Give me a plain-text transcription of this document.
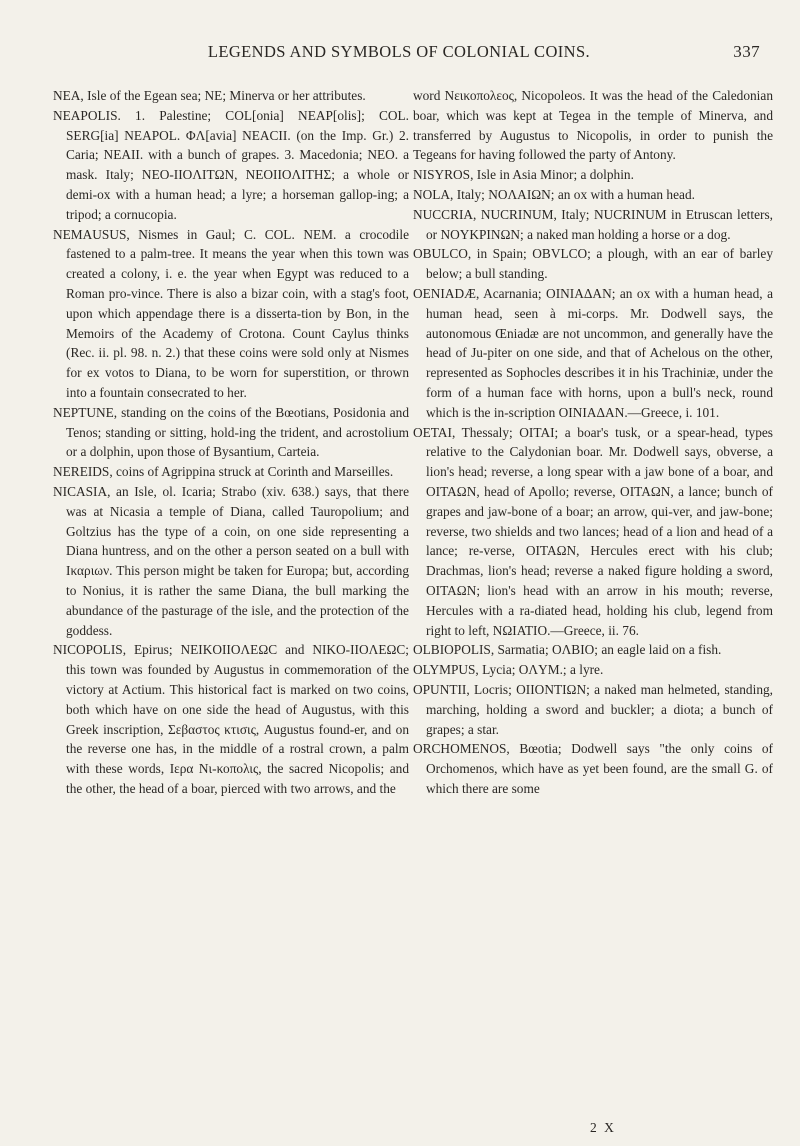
LEGENDS AND SYMBOLS OF COLONIAL COINS.	337

NEA, Isle of the Egean sea; NE; Minerva or her attributes.

NEAPOLIS. 1. Palestine; COL[onia] NEAP[olis]; COL. SERG[ia] NEAPOL. ΦΛ[avia] NEACII. (on the Imp. Gr.) 2. Caria; NEAII. with a bunch of grapes. 3. Macedonia; NEO. a mask. Italy; NEO-IIOΛITΩN, NEOIIOΛITHΣ; a whole or demi-ox with a human head; a lyre; a horseman gallop-ing; a tripod; a cornucopia.

NEMAUSUS, Nismes in Gaul; C. COL. NEM. a crocodile fastened to a palm-tree. It means the year when this town was created a colony, i. e. the year when Egypt was reduced to a Roman pro-vince. There is also a bizar coin, with a stag's foot, upon which appendage there is a disserta-tion by Bon, in the Memoirs of the Academy of Crotona. Count Caylus thinks (Rec. ii. pl. 98. n. 2.) that these coins were sold only at Nismes for ex votos to Diana, to be worn for superstition, or thrown into a fountain consecrated to her.

NEPTUNE, standing on the coins of the Bœotians, Posidonia and Tenos; standing or sitting, hold-ing the trident, and acrostolium or a dolphin, upon those of Bysantium, Carteia.

NEREIDS, coins of Agrippina struck at Corinth and Marseilles.

NICASIA, an Isle, ol. Icaria; Strabo (xiv. 638.) says, that there was at Nicasia a temple of Diana, called Tauropolium; and Goltzius has the type of a coin, on one side representing a Diana huntress, and on the other a person seated on a bull with Ικαριων. This person might be taken for Europa; but, according to Nonius, it is rather the same Diana, the bull marking the abundance of the pasturage of the isle, and the protection of the goddess.

NICOPOLIS, Epirus; NEIKOIIOΛEΩC and NIKO-IIOΛEΩC; this town was founded by Augustus in commemoration of the victory at Actium. This historical fact is marked on two coins, both which have on one side the head of Augustus, with this Greek inscription, Σεβαστος κτισις, Augustus found-er, and on the reverse one has, in the middle of a rostral crown, a palm with these words, Ιερα Νι-κοπολις, the sacred Nicopolis; and the other, the head of a boar, pierced with two arrows, and the

word Νεικοπολεος, Nicopoleos. It was the head of the Caledonian boar, which was kept at Tegea in the temple of Minerva, and transferred by Augustus to Nicopolis, in order to punish the Tegeans for having followed the party of Antony.

NISYROS, Isle in Asia Minor; a dolphin.

NOLA, Italy; NOΛAIΩN; an ox with a human head.

NUCCRIA, NUCRINUM, Italy; NUCRINUM in Etruscan letters, or NOYKPINΩN; a naked man holding a horse or a dog.

OBULCO, in Spain; OBVLCO; a plough, with an ear of barley below; a bull standing.

OENIADÆ, Acarnania; OINIAΔAN; an ox with a human head, a human head, seen à mi-corps. Mr. Dodwell says, the autonomous Œniadæ are not uncommon, and generally have the head of Ju-piter on one side, and that of Achelous on the other, represented as Sophocles describes it in his Trachiniæ, under the form of a human face with horns, upon a bull's neck, round which is the in-scription OINIAΔAN.—Greece, i. 101.

OETAI, Thessaly; OITAI; a boar's tusk, or a spear-head, types relative to the Calydonian boar. Mr. Dodwell says, obverse, a lion's head; reverse, a long spear with a jaw bone of a boar, and OITAΩN, head of Apollo; reverse, OITAΩN, a lance; bunch of grapes and jaw-bone of a boar; an arrow, qui-ver, and jaw-bone; reverse, two shields and two lances; head of a lion and head of a lance; re-verse, OITAΩN, Hercules erect with his club; Drachmas, lion's head; reverse a naked figure holding a sword, OITAΩN; lion's head with an arrow in his mouth; reverse, Hercules with a ra-diated head, holding his club, legend from right to left, NΩIATIO.—Greece, ii. 76.

OLBIOPOLIS, Sarmatia; OΛBIO; an eagle laid on a fish.

OLYMPUS, Lycia; OΛYM.; a lyre.

OPUNTII, Locris; OIIONTIΩN; a naked man helmeted, standing, marching, holding a sword and buckler; a diota; a bunch of grapes; a star.

ORCHOMENOS, Bœotia; Dodwell says "the only coins of Orchomenos, which have as yet been found, are the small G. of which there are some

2 X
